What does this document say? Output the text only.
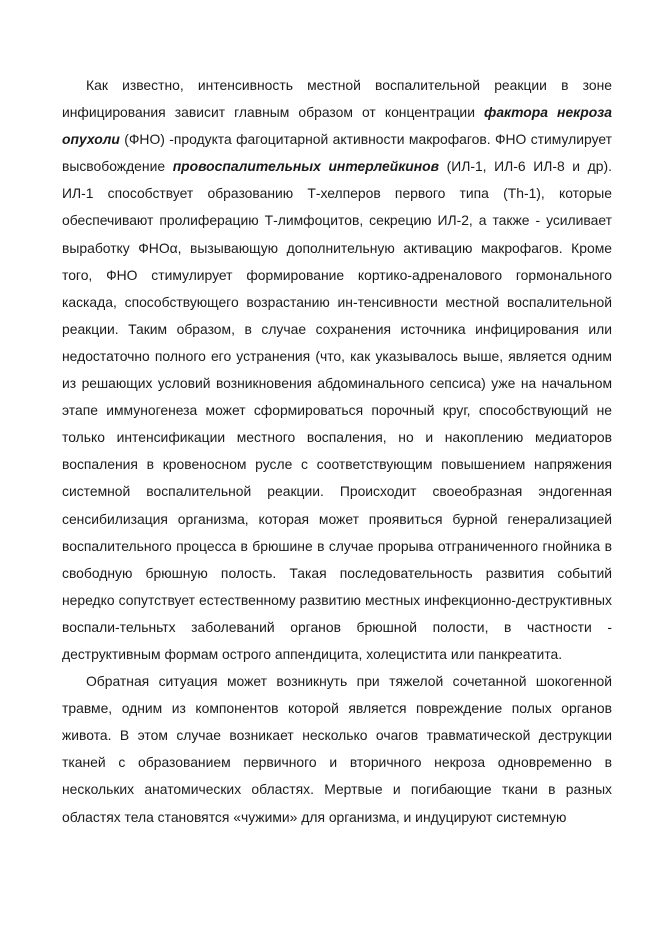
Как известно, интенсивность местной воспалительной реакции в зоне инфицирования зависит главным образом от концентрации фактора некроза опухоли (ФНО) -продукта фагоцитарной активности макрофагов. ФНО стимулирует высвобождение провоспалительных интерлейкинов (ИЛ-1, ИЛ-6 ИЛ-8 и др). ИЛ-1 способствует образованию Т-хелперов первого типа (Th-1), которые обеспечивают пролиферацию Т-лимфоцитов, секрецию ИЛ-2, а также - усиливает выработку ФНОα, вызывающую дополнительную активацию макрофагов. Кроме того, ФНО стимулирует формирование кортико-адреналового гормонального каскада, способствующего возрастанию ин-тенсивности местной воспалительной реакции. Таким образом, в случае сохранения источника инфицирования или недостаточно полного его устранения (что, как указывалось выше, является одним из решающих условий возникновения абдоминального сепсиса) уже на начальном этапе иммуногенеза может сформироваться порочный круг, способствующий не только интенсификации местного воспаления, но и накоплению медиаторов воспаления в кровеносном русле с соответствующим повышением напряжения системной воспалительной реакции. Происходит своеобразная эндогенная сенсибилизация организма, которая может проявиться бурной генерализацией воспалительного процесса в брюшине в случае прорыва отграниченного гнойника в свободную брюшную полость. Такая последовательность развития событий нередко сопутствует естественному развитию местных инфекционно-деструктивных воспали-тельньтх заболеваний органов брюшной полости, в частности - деструктивным формам острого аппендицита, холецистита или панкреатита.

Обратная ситуация может возникнуть при тяжелой сочетанной шокогенной травме, одним из компонентов которой является повреждение полых органов живота. В этом случае возникает несколько очагов травматической деструкции тканей с образованием первичного и вторичного некроза одновременно в нескольких анатомических областях. Мертвые и погибающие ткани в разных областях тела становятся «чужими» для организма, и индуцируют системную
